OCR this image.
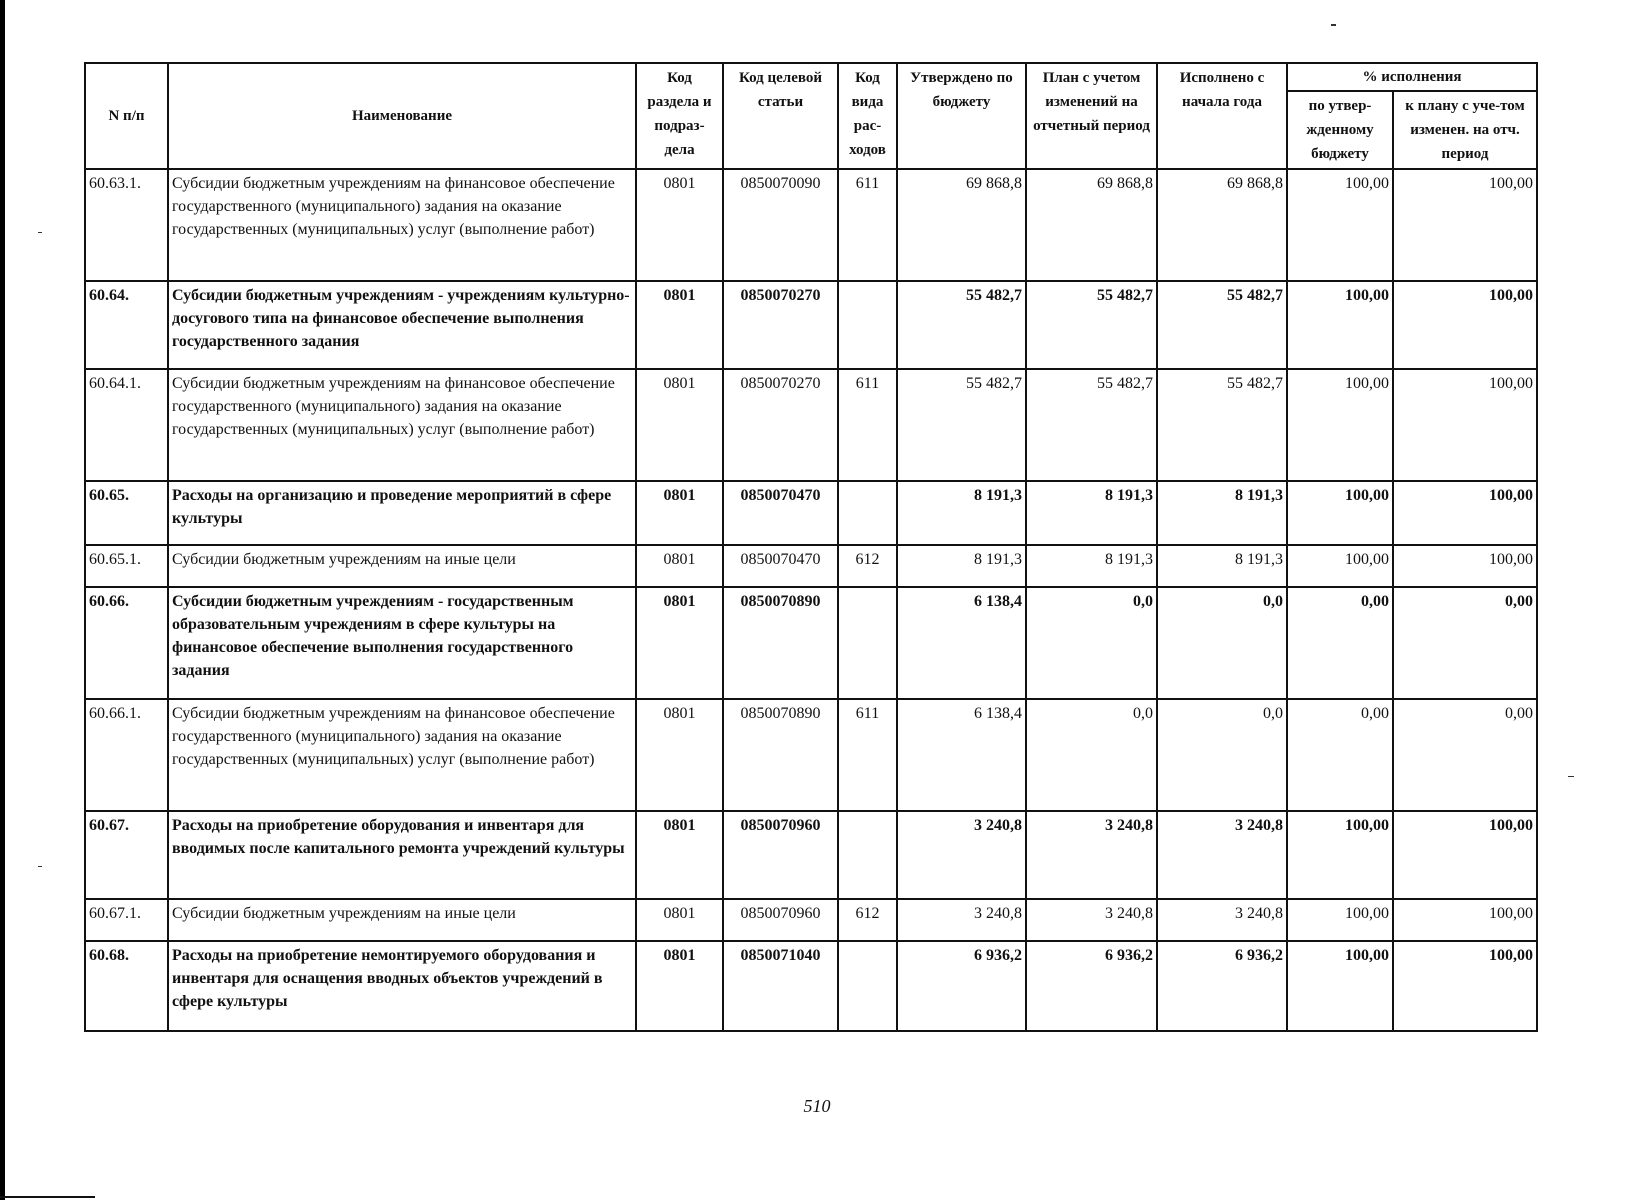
N п/п	Наименование	Код раздела и подраз-дела	Код целевой статьи	Код вида рас-ходов	Утверждено по бюджету	План с учетом изменений на отчетный период	Исполнено с начала года	% исполнения	
								по утвер-жденному бюджету	к плану с уче-том изменен. на отч. период
60.63.1.	Субсидии бюджетным учреждениям на финансовое обеспечение государственного (муниципального) задания на оказание государственных (муниципальных) услуг (выполнение работ)	0801	0850070090	611	69 868,8	69 868,8	69 868,8	100,00	100,00
60.64.	Субсидии бюджетным учреждениям - учреждениям культурно-досугового типа на финансовое обеспечение выполнения государственного задания	0801	0850070270		55 482,7	55 482,7	55 482,7	100,00	100,00
60.64.1.	Субсидии бюджетным учреждениям на финансовое обеспечение государственного (муниципального) задания на оказание государственных (муниципальных) услуг (выполнение работ)	0801	0850070270	611	55 482,7	55 482,7	55 482,7	100,00	100,00
60.65.	Расходы на организацию и проведение мероприятий в сфере культуры	0801	0850070470		8 191,3	8 191,3	8 191,3	100,00	100,00
60.65.1.	Субсидии бюджетным учреждениям на иные цели	0801	0850070470	612	8 191,3	8 191,3	8 191,3	100,00	100,00
60.66.	Субсидии бюджетным учреждениям - государственным образовательным учреждениям в сфере культуры на финансовое обеспечение выполнения государственного задания	0801	0850070890		6 138,4	0,0	0,0	0,00	0,00
60.66.1.	Субсидии бюджетным учреждениям на финансовое обеспечение государственного (муниципального) задания на оказание государственных (муниципальных) услуг (выполнение работ)	0801	0850070890	611	6 138,4	0,0	0,0	0,00	0,00
60.67.	Расходы на приобретение оборудования и инвентаря для вводимых после капитального ремонта учреждений культуры	0801	0850070960		3 240,8	3 240,8	3 240,8	100,00	100,00
60.67.1.	Субсидии бюджетным учреждениям на иные цели	0801	0850070960	612	3 240,8	3 240,8	3 240,8	100,00	100,00
60.68.	Расходы на приобретение немонтируемого оборудования и инвентаря для оснащения вводных объектов учреждений в сфере культуры	0801	0850071040		6 936,2	6 936,2	6 936,2	100,00	100,00
510
